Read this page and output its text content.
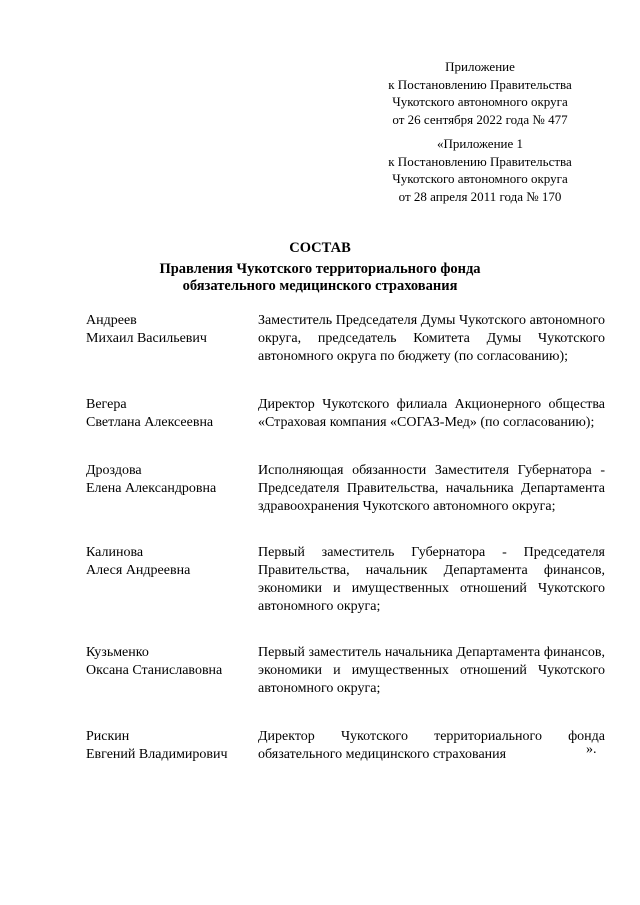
Приложение
к Постановлению Правительства
Чукотского автономного округа
от 26 сентября 2022 года № 477
«Приложение 1
к Постановлению Правительства
Чукотского автономного округа
от 28 апреля 2011 года № 170
СОСТАВ
Правления Чукотского территориального фонда
обязательного медицинского страхования
Андреев
Михаил Васильевич
Заместитель Председателя Думы Чукотского автономного округа, председатель Комитета Думы Чукотского автономного округа по бюджету (по согласованию);
Вегера
Светлана Алексеевна
Директор Чукотского филиала Акционерного общества «Страховая компания «СОГАЗ-Мед» (по согласованию);
Дроздова
Елена Александровна
Исполняющая обязанности Заместителя Губернатора - Председателя Правительства, начальника Департамента здравоохранения Чукотского автономного округа;
Калинова
Алеся Андреевна
Первый заместитель Губернатора - Председателя Правительства, начальник Департамента финансов, экономики и имущественных отношений Чукотского автономного округа;
Кузьменко
Оксана Станиславовна
Первый заместитель начальника Департамента финансов, экономики и имущественных отношений Чукотского автономного округа;
Рискин
Евгений Владимирович
Директор Чукотского территориального фонда обязательного медицинского страхования	».
